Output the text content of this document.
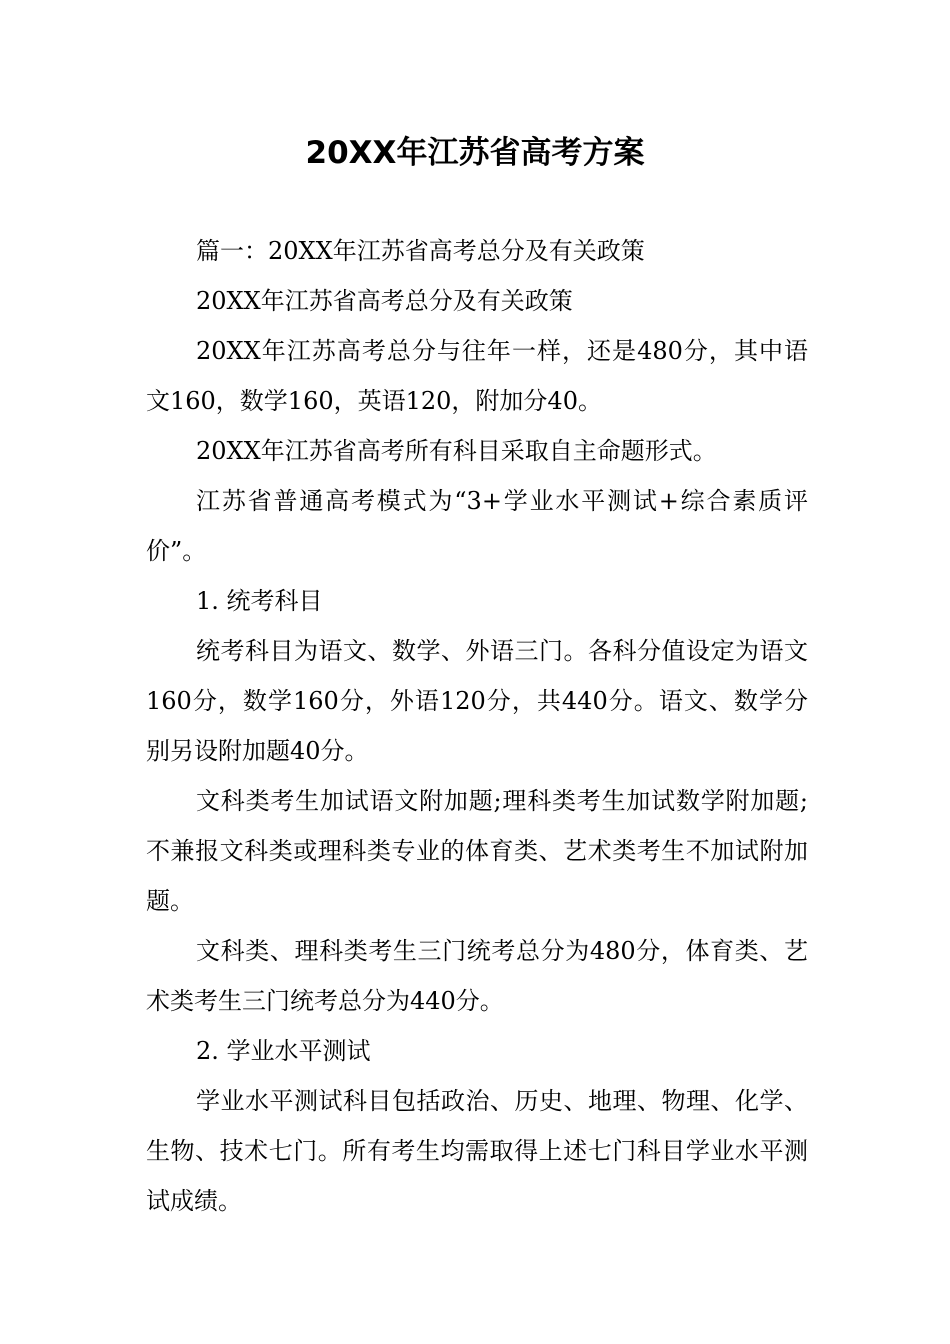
20XX年江苏省高考方案

篇一：20XX年江苏省高考总分及有关政策

20XX年江苏省高考总分及有关政策

20XX年江苏高考总分与往年一样，还是480分，其中语文160，数学160，英语120，附加分40。

20XX年江苏省高考所有科目采取自主命题形式。

江苏省普通高考模式为“3+学业水平测试+综合素质评价”。

1. 统考科目

统考科目为语文、数学、外语三门。各科分值设定为语文160分，数学160分，外语120分，共440分。语文、数学分别另设附加题40分。

文科类考生加试语文附加题;理科类考生加试数学附加题;不兼报文科类或理科类专业的体育类、艺术类考生不加试附加题。

文科类、理科类考生三门统考总分为480分，体育类、艺术类考生三门统考总分为440分。

2. 学业水平测试

学业水平测试科目包括政治、历史、地理、物理、化学、生物、技术七门。所有考生均需取得上述七门科目学业水平测试成绩。
